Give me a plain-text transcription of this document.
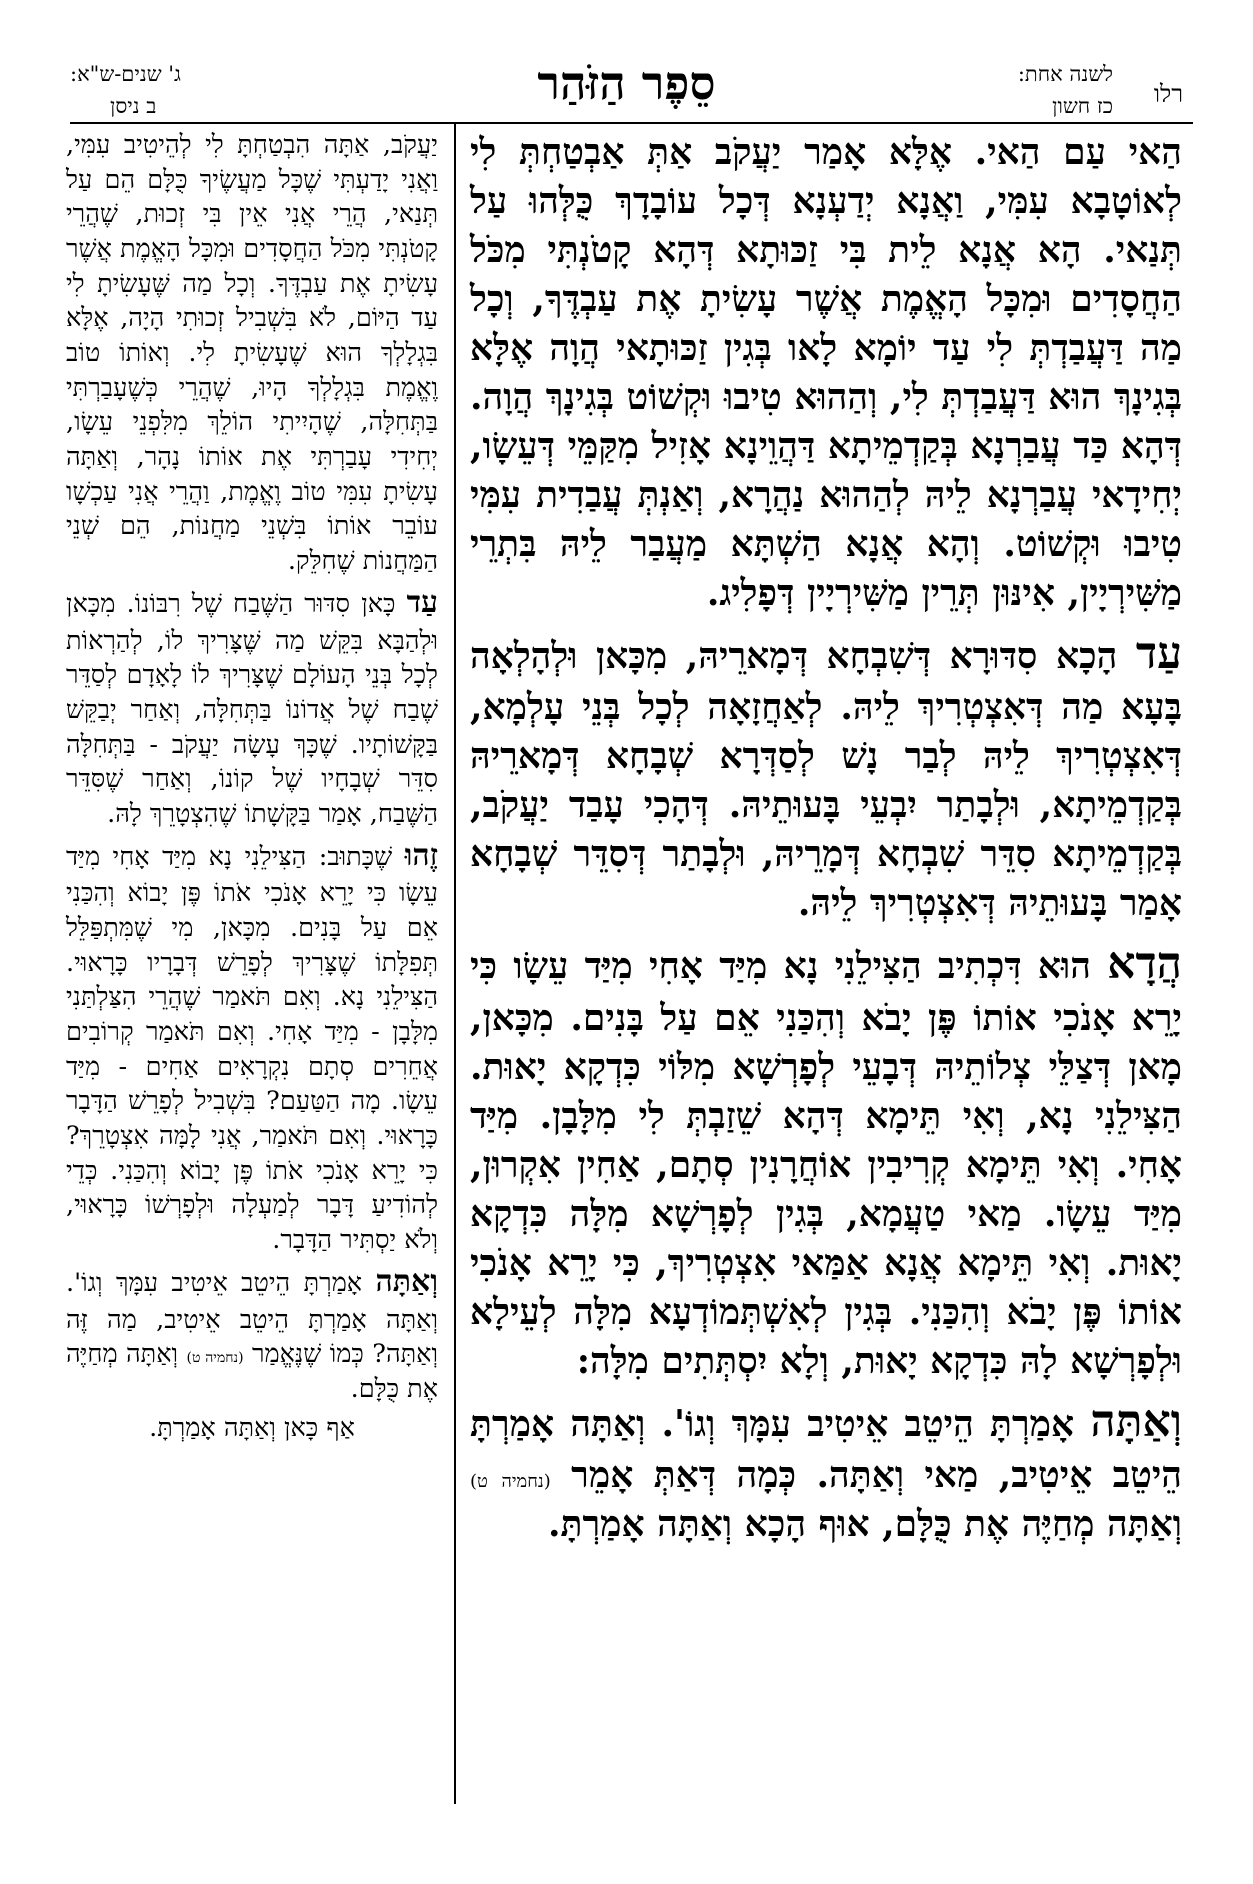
רלו
לשנה אחת:
כז חשון
סֵפֶר הַזֹּהַר
ג' שנים-ש"א:
ב ניסן

הַאי עַם הַאי. אֶלָּא אָמַר יַעֲקֹב אַתְּ אַבְטַחְתְּ לִי לְאוֹטָבָא עִמִּי, וַאֲנָא יְדַעְנָא דְּכָל עוֹבָדָךְ כֻּלְּהוּ עַל תְּנַאי. הָא אֲנָא לֵית בִּי זַכּוּתָא דְּהָא קָטֹנְתִּי מִכֹּל הַחֲסָדִים וּמִכָּל הָאֱמֶת אֲשֶׁר עָשִׂיתָ אֶת עַבְדֶּךָ, וְכָל מַה דַּעֲבַדְתְּ לִי עַד יוֹמָא לָאו בְּגִין זַכּוּתָאי הֲוָה אֶלָּא בְּגִינָךְ הוּא דַּעֲבַדְתְּ לִי, וְהַהוּא טִיבוּ וּקְשׁוֹט בְּגִינָךְ הֲוָה. דְּהָא כַּד עֲבַרְנָא בְּקַדְמֵיתָא דַּהֲוֵינָא אָזִיל מִקַּמֵּי דְּעֵשָׂו, יְחִידָאי עֲבַרְנָא לֵיהּ לְהַהוּא נַהֲרָא, וְאַנְתְּ עֲבַדִית עִמִּי טִיבוּ וּקְשׁוֹט. וְהָא אֲנָא הַשְׁתָּא מַעֲבַר לֵיהּ בִּתְרֵי מַשִּׁירְיָין, אִינּוּן תְּרֵין מַשִּׁירְיָין דְּפָלִיג.

עַד הָכָא סִדּוּרָא דְּשִׁבְחָא דְּמָארֵיהּ, מִכָּאן וּלְהָלְאָה בָּעָא מַה דְּאִצְטְרִיךְ לֵיהּ. לְאַחֲזָאָה לְכָל בְּנֵי עָלְמָא, דְּאִצְטְרִיךְ לֵיהּ לְבַר נָשׁ לְסַדְּרָא שְׁבָחָא דְּמָארֵיהּ בְּקַדְמֵיתָא, וּלְבָתַר יִבְעֵי בָּעוּתֵיהּ. דְּהָכִי עָבַד יַעֲקֹב, בְּקַדְמֵיתָא סִדֵּר שִׁבְחָא דְּמָרֵיהּ, וּלְבָתַר דְּסִדֵּר שְׁבָחָא אָמַר בָּעוּתֵיהּ דְּאִצְטְרִיךְ לֵיהּ.

הֲדָא הוּא דִּכְתִיב הַצִּילֵנִי נָא מִיַּד אָחִי מִיַּד עֵשָׂו כִּי יָרֵא אָנֹכִי אוֹתוֹ פֶּן יָבֹא וְהִכַּנִי אֵם עַל בָּנִים. מִכָּאן, מָאן דְּצַלֵּי צְלוֹתֵיהּ דְּבָעֵי לְפָרְשָׁא מִלּוֹי כִּדְקָא יָאוּת. הַצִּילֵנִי נָא, וְאִי תֵּימָא דְּהָא שֵׁזַבְתְּ לִי מִלָּבָן. מִיַּד אָחִי. וְאִי תֵּימָא קְרִיבִין אוֹחֲרָנִין סְתָם, אַחִין אִקְרוּן, מִיַּד עֵשָׂו. מַאי טַעֲמָא, בְּגִין לְפָרְשָׁא מִלָּה כִּדְקָא יָאוּת. וְאִי תֵּימָא אֲנָא אַמַּאי אִצְטְרִיךְ, כִּי יָרֵא אָנֹכִי אוֹתוֹ פֶּן יָבֹא וְהִכַּנִי. בְּגִין לְאִשְׁתְּמוֹדְעָא מִלָּה לְעֵילָא וּלְפָרְשָׁא לָהּ כִּדְקָא יָאוּת, וְלָא יִסְתְּתִים מִלָּה:

וְאַתָּה אָמַרְתָּ הֵיטֵב אֵיטִיב עִמָּךְ וְגוֹ'. וְאַתָּה אָמַרְתָּ הֵיטֵב אֵיטִיב, מַאי וְאַתָּה. כְּמָה דְּאַתְּ אָמֵר (נחמיה ט) וְאַתָּה מְחַיֶּה אֶת כֻּלָּם, אוּף הָכָא וְאַתָּה אָמַרְתָּ.

יַעֲקֹב, אַתָּה הִבְטַחְתָּ לִי לְהֵיטִיב עִמִּי, וַאֲנִי יָדַעְתִּי שֶׁכָּל מַעֲשֶׂיךָ כֻּלָּם הֵם עַל תְּנַאי, הֲרֵי אֲנִי אֵין בִּי זְכוּת, שֶׁהֲרֵי קָטֹנְתִּי מִכֹּל הַחֲסָדִים וּמִכָּל הָאֱמֶת אֲשֶׁר עָשִׂיתָ אֶת עַבְדֶּךָ. וְכָל מַה שֶּׁעָשִׂיתָ לִי עַד הַיּוֹם, לֹא בִּשְׁבִיל זְכוּתִי הָיָה, אֶלָּא בִּגְלָלְךָ הוּא שֶׁעָשִׂיתָ לִי. וְאוֹתוֹ טוֹב וֶאֱמֶת בִּגְלָלְךָ הָיוּ, שֶׁהֲרֵי כְּשֶׁעָבַרְתִּי בַּתְּחִלָּה, שֶׁהָיִיתִי הוֹלֵךְ מִלִּפְנֵי עֵשָׂו, יְחִידִי עָבַרְתִּי אֶת אוֹתוֹ נָהָר, וְאַתָּה עָשִׂיתָ עִמִּי טוֹב וֶאֱמֶת, וַהֲרֵי אֲנִי עַכְשָׁו עוֹבֵר אוֹתוֹ בִּשְׁנֵי מַחֲנוֹת, הֵם שְׁנֵי הַמַּחֲנוֹת שֶׁחִלֵּק.

עַד כָּאן סִדּוּר הַשֶּׁבַח שֶׁל רִבּוֹנוֹ. מִכָּאן וּלְהַבָּא בִּקֵּשׁ מַה שֶּׁצָּרִיךְ לוֹ, לְהַרְאוֹת לְכָל בְּנֵי הָעוֹלָם שֶׁצָּרִיךְ לוֹ לָאָדָם לְסַדֵּר שֶׁבַח שֶׁל אֲדוֹנוֹ בַּתְּחִלָּה, וְאַחַר יְבַקֵּשׁ בַּקָּשׁוֹתָיו. שֶׁכָּךְ עָשָׂה יַעֲקֹב - בַּתְּחִלָּה סִדֵּר שְׁבָחָיו שֶׁל קוֹנוֹ, וְאַחַר שֶׁסִּדֵּר הַשֶּׁבַח, אָמַר בַּקָּשָׁתוֹ שֶׁהִצְטָרֵךְ לָהּ.

זֶהוּ שֶׁכָּתוּב: הַצִּילֵנִי נָא מִיַּד אָחִי מִיַּד עֵשָׂו כִּי יָרֵא אָנֹכִי אֹתוֹ פֶּן יָבוֹא וְהִכַּנִי אֵם עַל בָּנִים. מִכָּאן, מִי שֶׁמִּתְפַּלֵּל תְּפִלָּתוֹ שֶׁצָּרִיךְ לְפָרֵשׁ דְּבָרָיו כָּרָאוּי. הַצִּילֵנִי נָא. וְאִם תֹּאמַר שֶׁהֲרֵי הִצַּלְתַּנִי מִלָּבָן - מִיַּד אָחִי. וְאִם תֹּאמַר קְרוֹבִים אֲחֵרִים סְתָם נִקְרָאִים אַחִים - מִיַּד עֵשָׂו. מָה הַטַּעַם? בִּשְׁבִיל לְפָרֵשׁ הַדָּבָר כָּרָאוּי. וְאִם תֹּאמַר, אֲנִי לָמָּה אִצְטָרֵךְ? כִּי יָרֵא אָנֹכִי אֹתוֹ פֶּן יָבוֹא וְהִכַּנִי. כְּדֵי לְהוֹדִיעַ דָּבָר לְמַעְלָה וּלְפָרְשׁוֹ כָּרָאוּי, וְלֹא יַסְתִּיר הַדָּבָר.

וְאַתָּה אָמַרְתָּ הֵיטֵב אֵיטִיב עִמָּךְ וְגוֹ'. וְאַתָּה אָמַרְתָּ הֵיטֵב אֵיטִיב, מַה זֶּה וְאַתָּה? כְּמוֹ שֶׁנֶּאֱמַר (נחמיה ט) וְאַתָּה מְחַיֶּה אֶת כֻּלָּם.

אַף כָּאן וְאַתָּה אָמַרְתָּ.
